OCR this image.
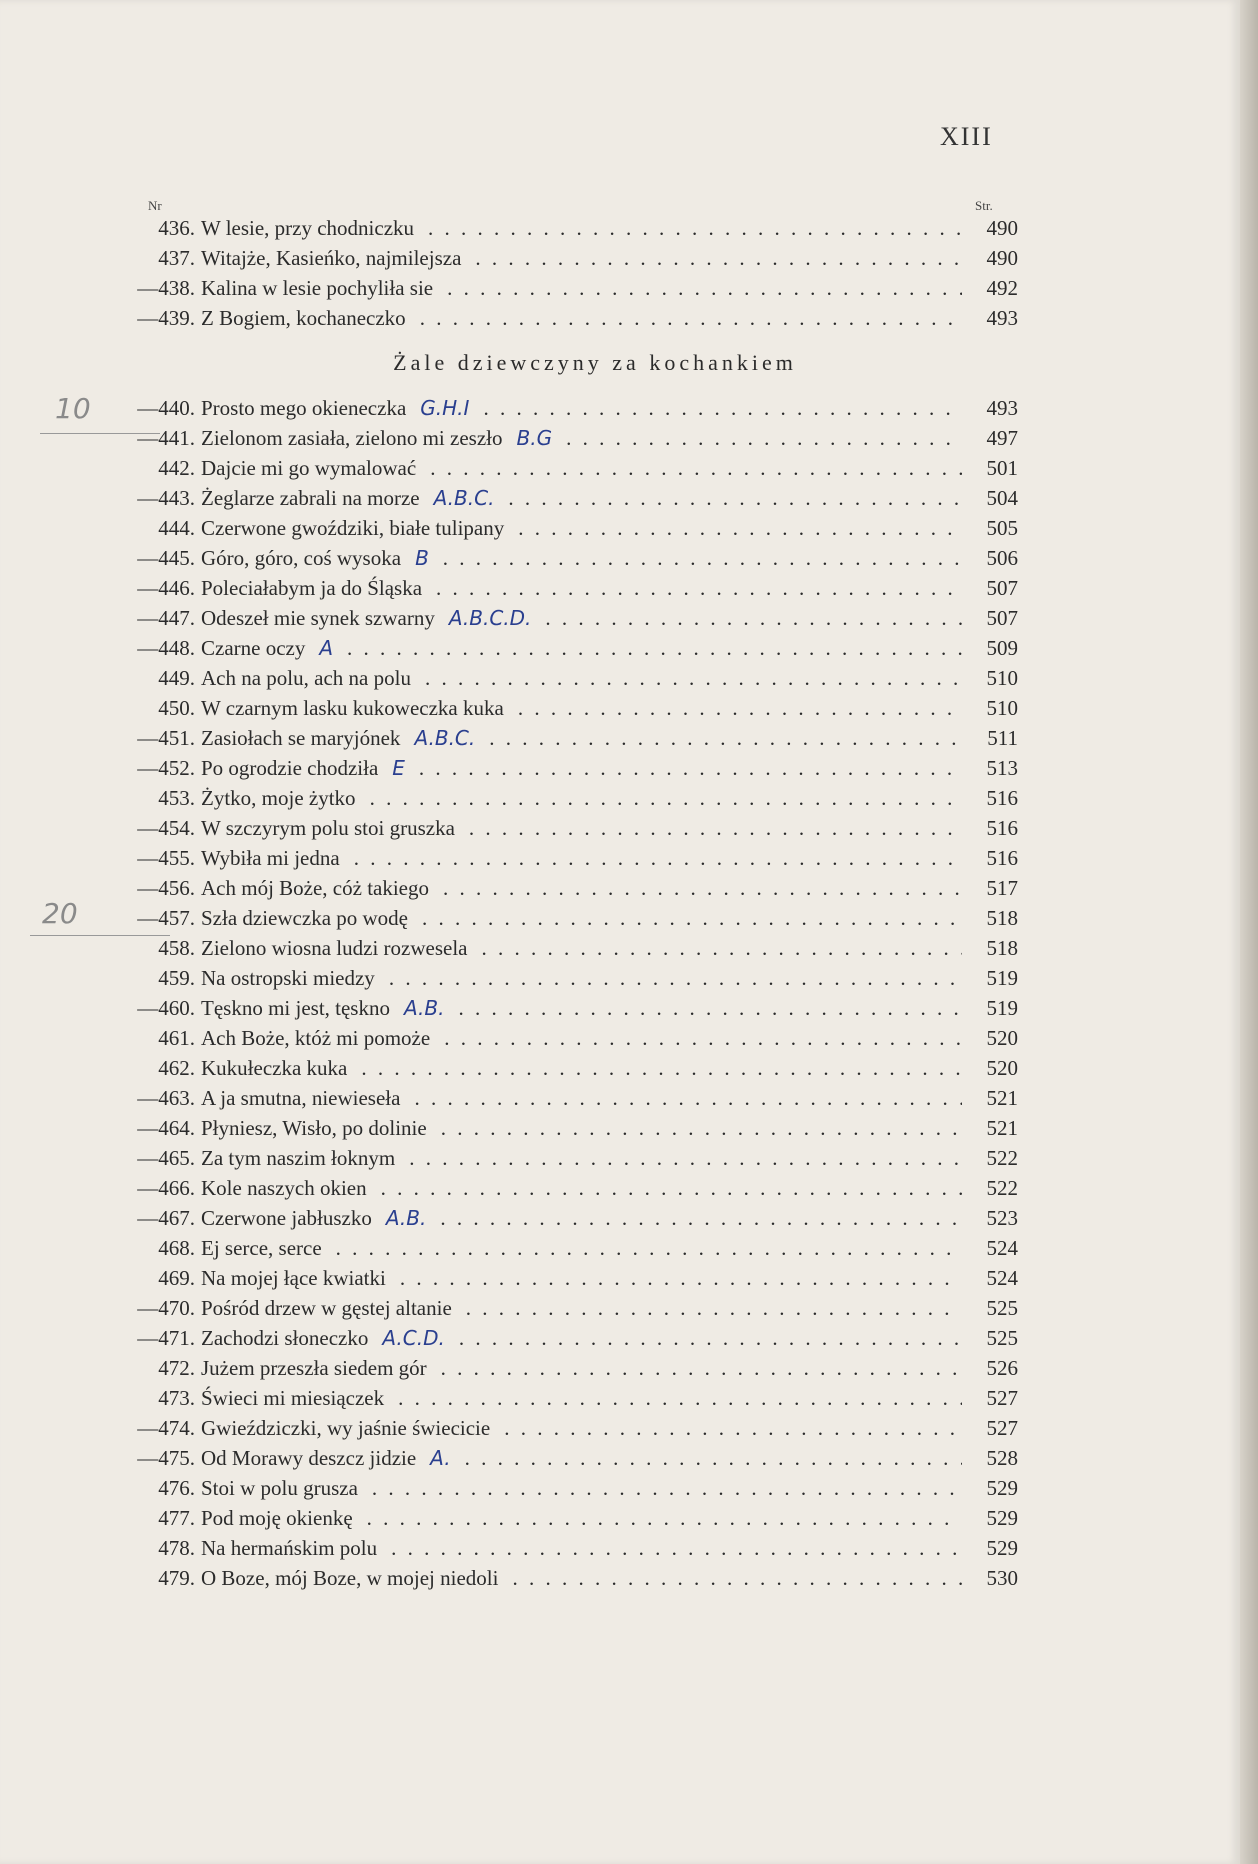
XIII
Nr	Str.
10
20
436. W lesie, przy chodniczku . . .	490
437. Witajże, Kasieńko, najmilejsza . . .	490
—438. Kalina w lesie pochyliła sie . . .	492
—439. Z Bogiem, kochaneczko . . .	493
Żale dziewczyny za kochankiem
—440. Prosto mego okieneczka G.H.I . . .	493
—441. Zielonom zasiała, zielono mi zeszło B.G . . .	497
442. Dajcie mi go wymalować . . .	501
—443. Żeglarze zabrali na morze A.B.C. . . .	504
444. Czerwone gwoździki, białe tulipany . . .	505
—445. Góro, góro, coś wysoka B . . .	506
—446. Poleciałabym ja do Śląska . . .	507
—447. Odeszeł mie synek szwarny A.B.C.D. . . .	507
—448. Czarne oczy A . . .	509
449. Ach na polu, ach na polu . . .	510
450. W czarnym lasku kukoweczka kuka . . .	510
—451. Zasiołach se maryjónek A.B.C. . . .	511
—452. Po ogrodzie chodziła E . . .	513
453. Żytko, moje żytko . . .	516
—454. W szczyrym polu stoi gruszka . . .	516
—455. Wybiła mi jedna . . .	516
—456. Ach mój Boże, cóż takiego . . .	517
—457. Szła dziewczka po wodę . . .	518
458. Zielono wiosna ludzi rozwesela . . .	518
459. Na ostropski miedzy . . .	519
—460. Tęskno mi jest, tęskno A.B. . . .	519
461. Ach Boże, któż mi pomoże . . .	520
462. Kukułeczka kuka . . .	520
—463. A ja smutna, niewieseła . . .	521
—464. Płyniesz, Wisło, po dolinie . . .	521
—465. Za tym naszim łoknym . . .	522
—466. Kole naszych okien . . .	522
—467. Czerwone jabłuszko A.B. . . .	523
468. Ej serce, serce . . .	524
469. Na mojej łące kwiatki . . .	524
—470. Pośród drzew w gęstej altanie . . .	525
—471. Zachodzi słoneczko A.C.D. . . .	525
472. Jużem przeszła siedem gór . . .	526
473. Świeci mi miesiączek . . .	527
—474. Gwieździczki, wy jaśnie świecicie . . .	527
—475. Od Morawy deszcz jidzie A. . . .	528
476. Stoi w polu grusza . . .	529
477. Pod moję okienkę . . .	529
478. Na hermańskim polu . . .	529
479. O Boze, mój Boze, w mojej niedoli . . .	530
